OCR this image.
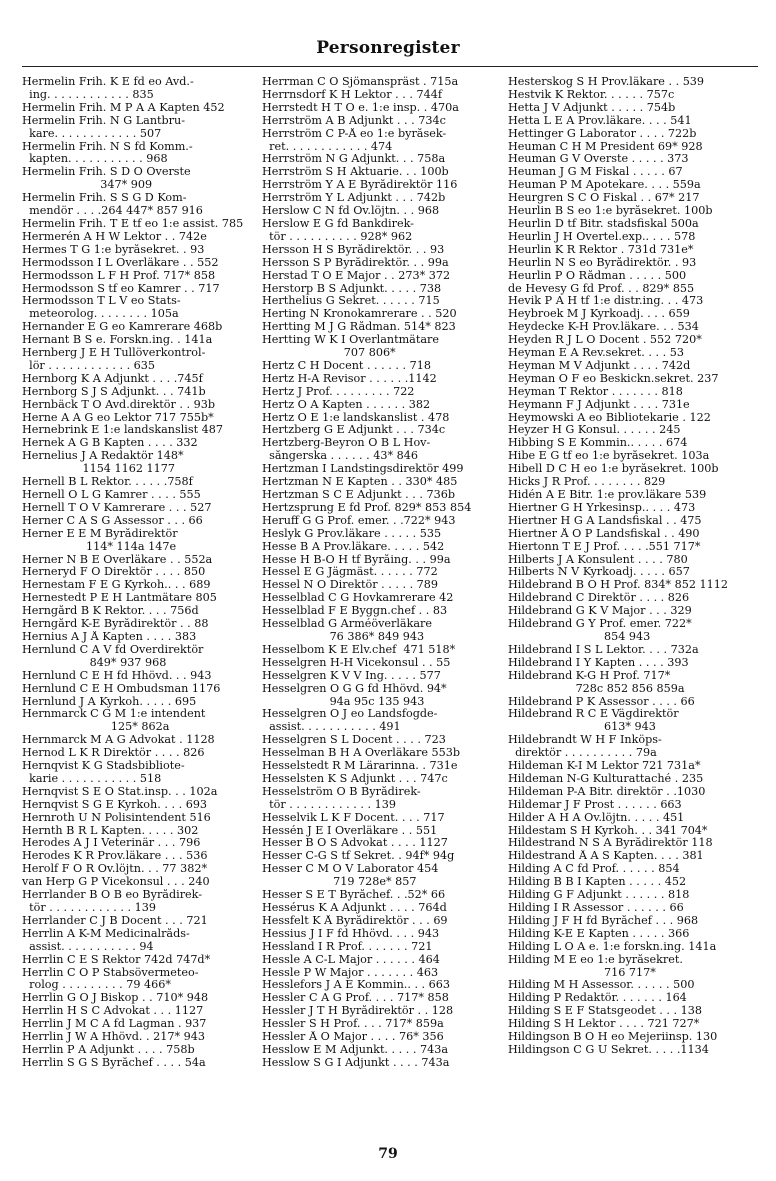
Personregister
Hermelin Frih. K E fd eo Avd.-
ing. . . . . . . . . . . . 835
Hermelin Frih. M P A A Kapten 452
Hermelin Frih. N G Lantbru-
kare. . . . . . . . . . . . 507
Hermelin Frih. N S fd Komm.-
kapten. . . . . . . . . . . 968
Hermelin Frih. S D O Överste
347* 909
Hermelin Frih. S S G D Kom-
mendör . . . .264 447* 857 916
Hermelin Frih. T E tf eo 1:e assist. 785
Hermerén A H W Lektor . . 742e
Hermes T G 1:e byråsekret. . 93
Hermodsson I L Överläkare . . 552
Hermodsson L F H Prof. 717* 858
Hermodsson S tf eo Kamrer . . 717
Hermodsson T L V eo Stats-
meteorolog. . . . . . . . 105a
Hernander E G eo Kamrerare 468b
Hernant B S e. Forskn.ing. . 141a
Hernberg J E H Tullöverkontrol-
lör . . . . . . . . . . . . 635
Hernborg K A Adjunkt . . . .745f
Hernborg S J S Adjunkt. . . 741b
Hernbäck T Ö Avd.direktör . . 93b
Herne A A G eo Lektor 717 755b*
Hernebrink E 1:e landskanslist 487
Hernek A G B Kapten . . . . 332
Hernelius J A Redaktör 148*
1154 1162 1177
Hernell B L Rektor. . . . . .758f
Hernell O L G Kamrer . . . . 555
Hernell T O V Kamrerare . . . 527
Herner C A S G Assessor . . . 66
Herner E E M Byrådirektör
114* 114a 147e
Herner N B E Överläkare . . 552a
Herneryd F O Direktör . . . . 850
Hernestam F E G Kyrkoh.. . . 689
Hernestedt P E H Lantmätare 805
Herngård B K Rektor. . . . 756d
Herngård K-E Byrådirektör . . 88
Hernius A J Å Kapten . . . . 383
Hernlund C A V fd Överdirektör
849* 937 968
Hernlund C E H fd Hhövd. . . 943
Hernlund C E H Ombudsman 1176
Hernlund J A Kyrkoh. . . . . 695
Hernmarck C G M 1:e intendent
125* 862a
Hernmarck M A G Advokat . 1128
Hernod L K R Direktör . . . . 826
Hernqvist K G Stadsbibliote-
karie . . . . . . . . . . . 518
Hernqvist S E O Stat.insp. . . 102a
Hernqvist S G E Kyrkoh. . . . 693
Hernroth U N Polisintendent 516
Hernth B R L Kapten. . . . . 302
Herodes A J I Veterinär . . . 796
Herodes K R Prov.läkare . . . 536
Herolf F O R Öv.löjtn. . . 77 382*
van Herp G P Vicekonsul . . . 240
Herrlander B O B eo Byrådirek-
tör . . . . . . . . . . . . 139
Herrlander C J B Docent . . . 721
Herrlin A K-M Medicinalråds-
assist. . . . . . . . . . . 94
Herrlin C E S Rektor 742d 747d*
Herrlin C O P Stabsövermeteo-
rolog . . . . . . . . . 79 466*
Herrlin G O J Biskop . . 710* 948
Herrlin H S C Advokat . . . 1127
Herrlin J M C A fd Lagman . 937
Herrlin J W A Hhövd. . 217* 943
Herrlin P A Adjunkt . . . . 758b
Herrlin S G S Byråchef . . . . 54a
Herrman C O Sjömanspräst . 715a
Herrnsdorf K H Lektor . . . 744f
Herrstedt H T O e. 1:e insp. . 470a
Herrström A B Adjunkt . . . 734c
Herrström C P-Å eo 1:e byråsek-
ret. . . . . . . . . . . . 474
Herrström N G Adjunkt. . . 758a
Herrström S H Aktuarie. . . 100b
Herrström Y A E Byrådirektör 116
Herrström Y L Adjunkt . . . 742b
Herslow C N fd Öv.löjtn. . . 968
Herslow E G fd Bankdirek-
tör . . . . . . . . . . 928* 962
Hersson H S Byrådirektör. . . 93
Hersson S P Byrådirektör. . . 99a
Herstad T O E Major . . 273* 372
Herstorp B S Adjunkt. . . . . 738
Herthelius G Sekret. . . . . . 715
Herting N Kronokamrerare . . 520
Hertting M J G Rådman. 514* 823
Hertting W K I Överlantmätare
707 806*
Hertz C H Docent . . . . . . 718
Hertz H-A Revisor . . . . . .1142
Hertz J Prof. . . . . . . . . 722
Hertz O A Kapten . . . . . . 382
Hertz O E 1:e landskanslist . 478
Hertzberg G E Adjunkt . . . 734c
Hertzberg-Beyron O B L Hov-
sångerska . . . . . . 43* 846
Hertzman I Landstingsdirektör 499
Hertzman N E Kapten . . 330* 485
Hertzman S C E Adjunkt . . . 736b
Hertzsprung E fd Prof. 829* 853 854
Heruff G G Prof. emer. . .722* 943
Heslyk G Prov.läkare . . . . . 535
Hesse B A Prov.läkare. . . . . 542
Hesse H B-O H tf Byråing. . . 99a
Hessel E G Jägmäst. . . . . . 772
Hessel N O Direktör . . . . . 789
Hesselblad C G Hovkamrerare 42
Hesselblad F E Byggn.chef . . 83
Hesselblad G Arméöverläkare
76 386* 849 943
Hesselbom K E Elv.chef  471 518*
Hesselgren H-H Vicekonsul . . 55
Hesselgren K V V Ing. . . . . 577
Hesselgren O G G fd Hhövd. 94*
94a 95c 135 943
Hesselgren O J eo Landsfogde-
assist. . . . . . . . . . . 491
Hesselgren S L Docent . . . . 723
Hesselman B H A Överläkare 553b
Hesselstedt R M Lärarinna. . 731e
Hesselsten K S Adjunkt . . . 747c
Hesselström O B Byrådirek-
tör . . . . . . . . . . . . 139
Hesselvik L K F Docent. . . . 717
Hessén J E I Överläkare . . 551
Hesser B O S Advokat . . . . 1127
Hesser C-G S tf Sekret. . 94f* 94g
Hesser C M O V Laborator 454
719 728e* 857
Hesser S E T Byråchef. . .52* 66
Hessérus K A Adjunkt . . . . 764d
Hessfelt K Å Byrådirektör . . . 69
Hessius J I F fd Hhövd. . . . 943
Hessland I R Prof. . . . . . . 721
Hessle A C-L Major . . . . . . 464
Hessle P W Major . . . . . . . 463
Hesslefors J A E Kommin.. . . 663
Hessler C A G Prof. . . . 717* 858
Hessler J T H Byrådirektör . . 128
Hessler S H Prof. . . . 717* 859a
Hessler Å O Major . . . . 76* 356
Hesslow E M Adjunkt. . . . . 743a
Hesslow S G I Adjunkt . . . . 743a
Hesterskog S H Prov.läkare . . 539
Hestvik K Rektor. . . . . . 757c
Hetta J V Adjunkt . . . . . 754b
Hetta L E A Prov.läkare. . . . 541
Hettinger G Laborator . . . . 722b
Heuman C H M President 69* 928
Heuman G V Överste . . . . . 373
Heuman J G M Fiskal . . . . . 67
Heuman P M Apotekare. . . . 559a
Heurgren S C O Fiskal . . 67* 217
Heurlin B S eo 1:e byråsekret. 100b
Heurlin D tf Bitr. stadsfiskal 500a
Heurlin J H Övertel.exp.. . . . 578
Heurlin K R Rektor . 731d 731e*
Heurlin N S eo Byrådirektör. . 93
Heurlin P O Rådman . . . . . 500
de Hevesy G fd Prof. . . 829* 855
Hevik P A H tf 1:e distr.ing. . . 473
Heybroek M J Kyrkoadj. . . . 659
Heydecke K-H Prov.läkare. . . 534
Heyden R J L O Docent . 552 720*
Heyman E A Rev.sekret. . . . 53
Heyman M V Adjunkt . . . . 742d
Heyman O F eo Beskickn.sekret. 237
Heyman T Rektor . . . . . . . 818
Heymann F J Adjunkt . . . . 731e
Heymowski A eo Bibliotekarie . 122
Heyzer H G Konsul. . . . . . 245
Hibbing S E Kommin.. . . . . 674
Hibe E G tf eo 1:e byråsekret. 103a
Hibell D C H eo 1:e byråsekret. 100b
Hicks J R Prof. . . . . . . . 829
Hidén A E Bitr. 1:e prov.läkare 539
Hiertner G H Yrkesinsp.. . . . 473
Hiertner H G A Landsfiskal . . 475
Hiertner Å O P Landsfiskal . . 490
Hiertonn T E J Prof. . . . .551 717*
Hilberts J A Konsulent . . . . 780
Hilberts N V Kyrkoadj. . . . . 657
Hildebrand B O H Prof. 834* 852 1112
Hildebrand C Direktör . . . . 826
Hildebrand G K V Major . . . 329
Hildebrand G Y Prof. emer. 722*
854 943
Hildebrand I S L Lektor. . . . 732a
Hildebrand I Y Kapten . . . . 393
Hildebrand K-G H Prof. 717*
728c 852 856 859a
Hildebrand P K Assessor . . . . 66
Hildebrand R C E Vägdirektör
613* 943
Hildebrandt W H F Inköps-
direktör . . . . . . . . . . 79a
Hildeman K-I M Lektor 721 731a*
Hildeman N-G Kulturattaché . 235
Hildeman P-A Bitr. direktör . .1030
Hildemar J F Prost . . . . . . 663
Hilder A H A Öv.löjtn. . . . . 451
Hildestam S H Kyrkoh. . . 341 704*
Hildestrand N S A Byrådirektör 118
Hildestrand Å A S Kapten. . . . 381
Hilding A C fd Prof. . . . . . 854
Hilding B B I Kapten . . . . . 452
Hilding G F Adjunkt . . . . . . 818
Hilding I R Assessor . . . . . . 66
Hilding J F H fd Byråchef . . . 968
Hilding K-E E Kapten . . . . . 366
Hilding L O A e. 1:e forskn.ing. 141a
Hilding M E eo 1:e byråsekret.
716 717*
Hilding M H Assessor. . . . . . 500
Hilding P Redaktör. . . . . . . 164
Hilding S E F Statsgeodet . . . 138
Hilding S H Lektor . . . . 721 727*
Hildingson B O H eo Mejeriinsp. 130
Hildingson C G U Sekret. . . . .1134
79
